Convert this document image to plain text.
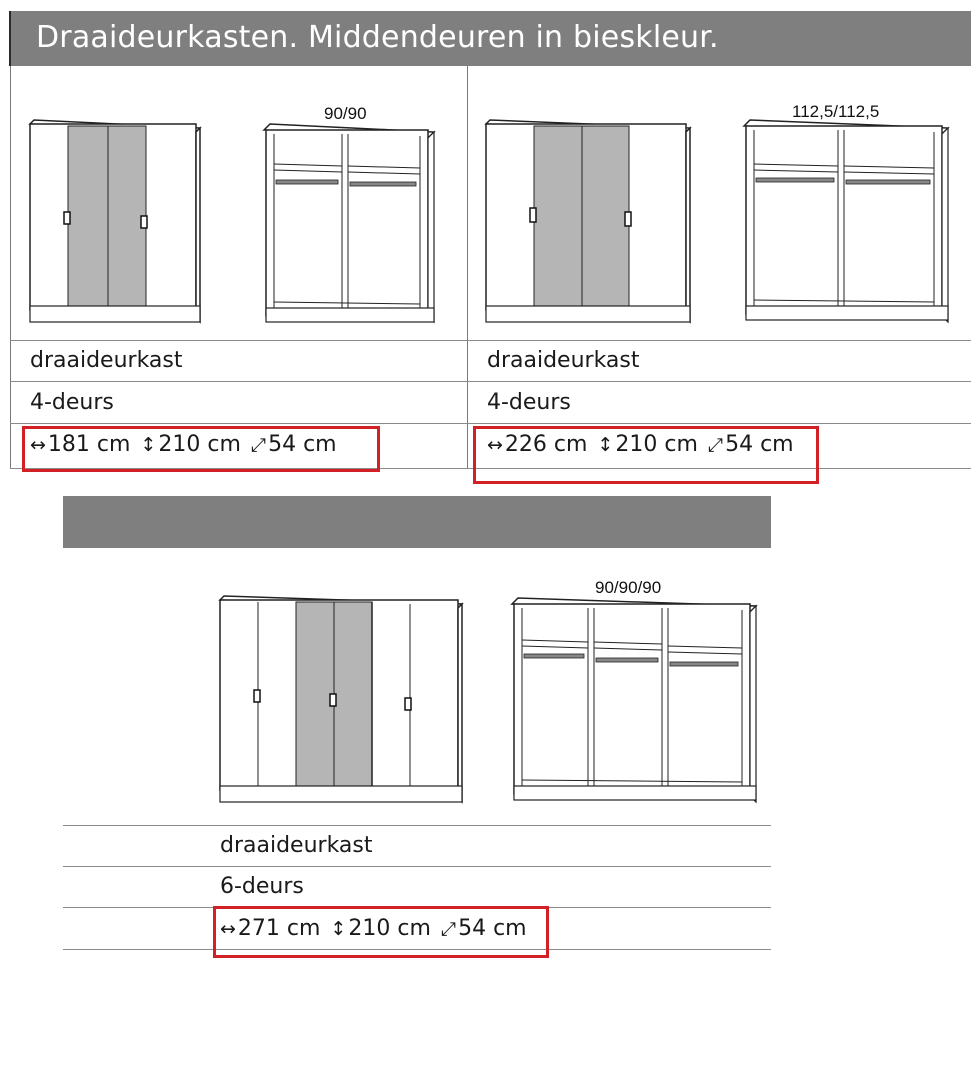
Draaideurkasten. Middendeuren in bieskleur.
90/90	112,5/112,5
draaideurkast
4-deurs
↔ 181 cm ↕ 210 cm ⤢ 54 cm
draaideurkast
4-deurs
↔ 226 cm ↕ 210 cm ⤢ 54 cm
90/90/90
draaideurkast
6-deurs
↔ 271 cm ↕ 210 cm ⤢ 54 cm
